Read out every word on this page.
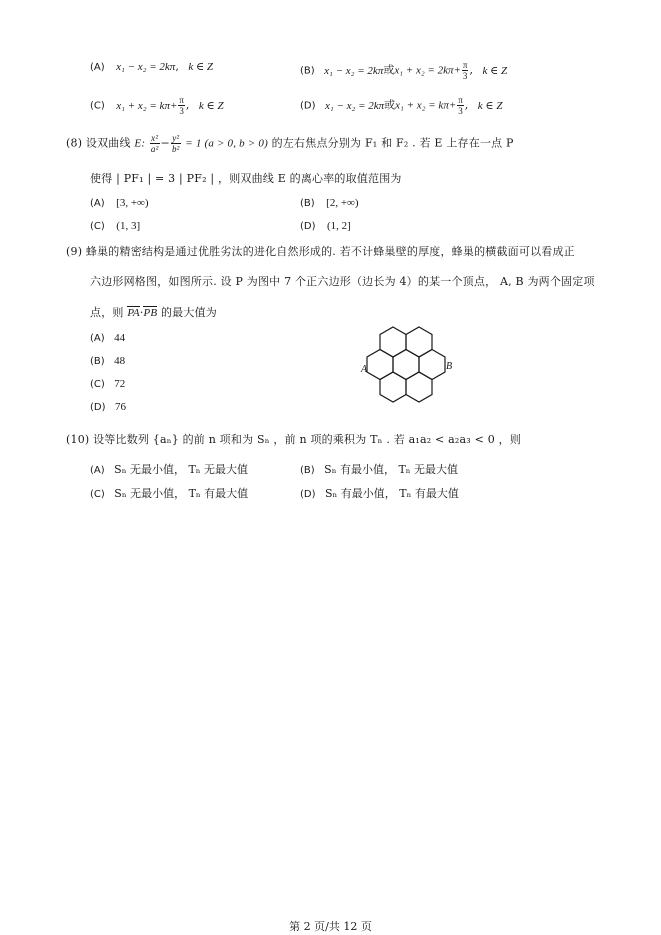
(A) x₁ − x₂ = 2kπ, k ∈ Z	(B) x₁ − x₂ = 2kπ或$x_1 + x_2 = 2k\pi+ \frac{\pi}{3}$ , k ∈ Z
(C) $x_1 + x_2 = k\pi+ \frac{\pi}{3}$ , k ∈ Z	(D) x₁ − x₂ = 2kπ或$x_1 + x_2 = k\pi+ \frac{\pi}{3}$ , k ∈ Z
(8) 设双曲线 E: $\frac{\text{x²}}{\text{a²}} - \frac{\text{y²}}{\text{b²}} = 1$ (a > 0, b > 0) 的左右焦点分别为 F₁ 和 F₂ . 若 E 上存在一点 P
使得 | PF₁ | = 3 | PF₂ | ，则双曲线 E 的离心率的取值范围为
(A) [3, +∞)	(B) [2, +∞)
(C) (1, 3]	(D) (1, 2]
(9) 蜂巢的精密结构是通过优胜劣汰的进化自然形成的. 若不计蜂巢壁的厚度，蜂巢的横截面可以看成正
六边形网格图，如图所示. 设 P 为图中 7 个正六边形（边长为 4）的某一个顶点， A, B 为两个固定项
点，则 PA·PB 的最大值为
(A) 44
(B) 48
(C) 72
(D) 76
A	B
(10) 设等比数列 {aₙ} 的前 n 项和为 Sₙ ，前 n 项的乘积为 Tₙ . 若 a₁a₂ < a₂a₃ < 0 ，则
(A) Sₙ 无最小值， Tₙ 无最大值	(B) Sₙ 有最小值， Tₙ 无最大值
(C) Sₙ 无最小值， Tₙ 有最大值	(D) Sₙ 有最小值， Tₙ 有最大值
第 2 页/共 12 页
